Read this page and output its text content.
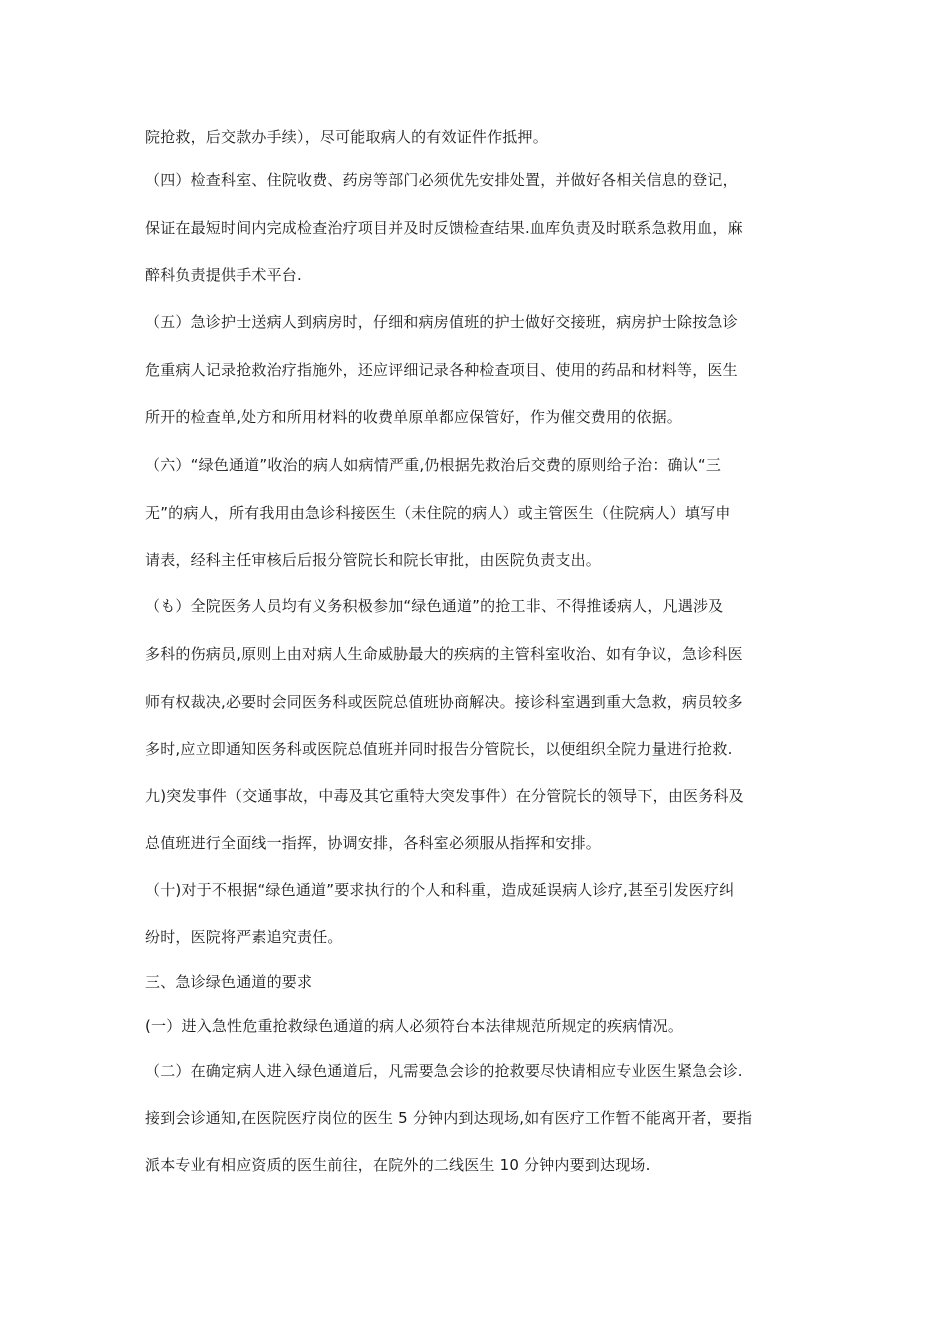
院抢救，后交款办手续），尽可能取病人的有效证件作抵押。
（四）检查科室、住院收费、药房等部门必须优先安排处置，并做好各相关信息的登记，
保证在最短时间内完成检查治疗项目并及时反馈检查结果.血库负责及时联系急救用血，麻
醉科负责提供手术平台.
（五）急诊护士送病人到病房时，仔细和病房值班的护士做好交接班，病房护士除按急诊
危重病人记录抢救治疗指施外，还应评细记录各种检查项目、使用的药品和材料等，医生
所开的检查单,处方和所用材料的收费单原单都应保管好，作为催交费用的依据。
（六）“绿色通道”收治的病人如病情严重,仍根据先救治后交费的原则给子治：确认“三
无”的病人，所有我用由急诊科接医生（未住院的病人）或主管医生（住院病人）填写申
请表，经科主任审核后后报分管院长和院长审批，由医院负责支出。
（も）全院医务人员均有义务积极参加“绿色通道”的抢工非、不得推诿病人，凡遇涉及
多科的伤病员,原则上由对病人生命威胁最大的疾病的主管科室收治、如有争议，急诊科医
师有权裁决,必要时会同医务科或医院总值班协商解决。接诊科室遇到重大急救，病员较多
多时,应立即通知医务科或医院总值班并同时报告分管院长，以便组织全院力量进行抢救.
九)突发事件（交通事故，中毒及其它重特大突发事件）在分管院长的领导下，由医务科及
总值班进行全面线一指挥，协调安排，各科室必须服从指挥和安排。
（十)对于不根据“绿色通道”要求执行的个人和科重，造成延误病人诊疗,甚至引发医疗纠
纷时，医院将严素追究责任。
三、急诊绿色通道的要求
(一）进入急性危重抢救绿色通道的病人必须符台本法律规范所规定的疾病情况。
（二）在确定病人进入绿色通道后，凡需要急会诊的抢救要尽快请相应专业医生紧急会诊.
接到会诊通知,在医院医疗岗位的医生 5 分钟内到达现场,如有医疗工作暂不能离开者，要指
派本专业有相应资质的医生前往，在院外的二线医生 10 分钟内要到达现场.
